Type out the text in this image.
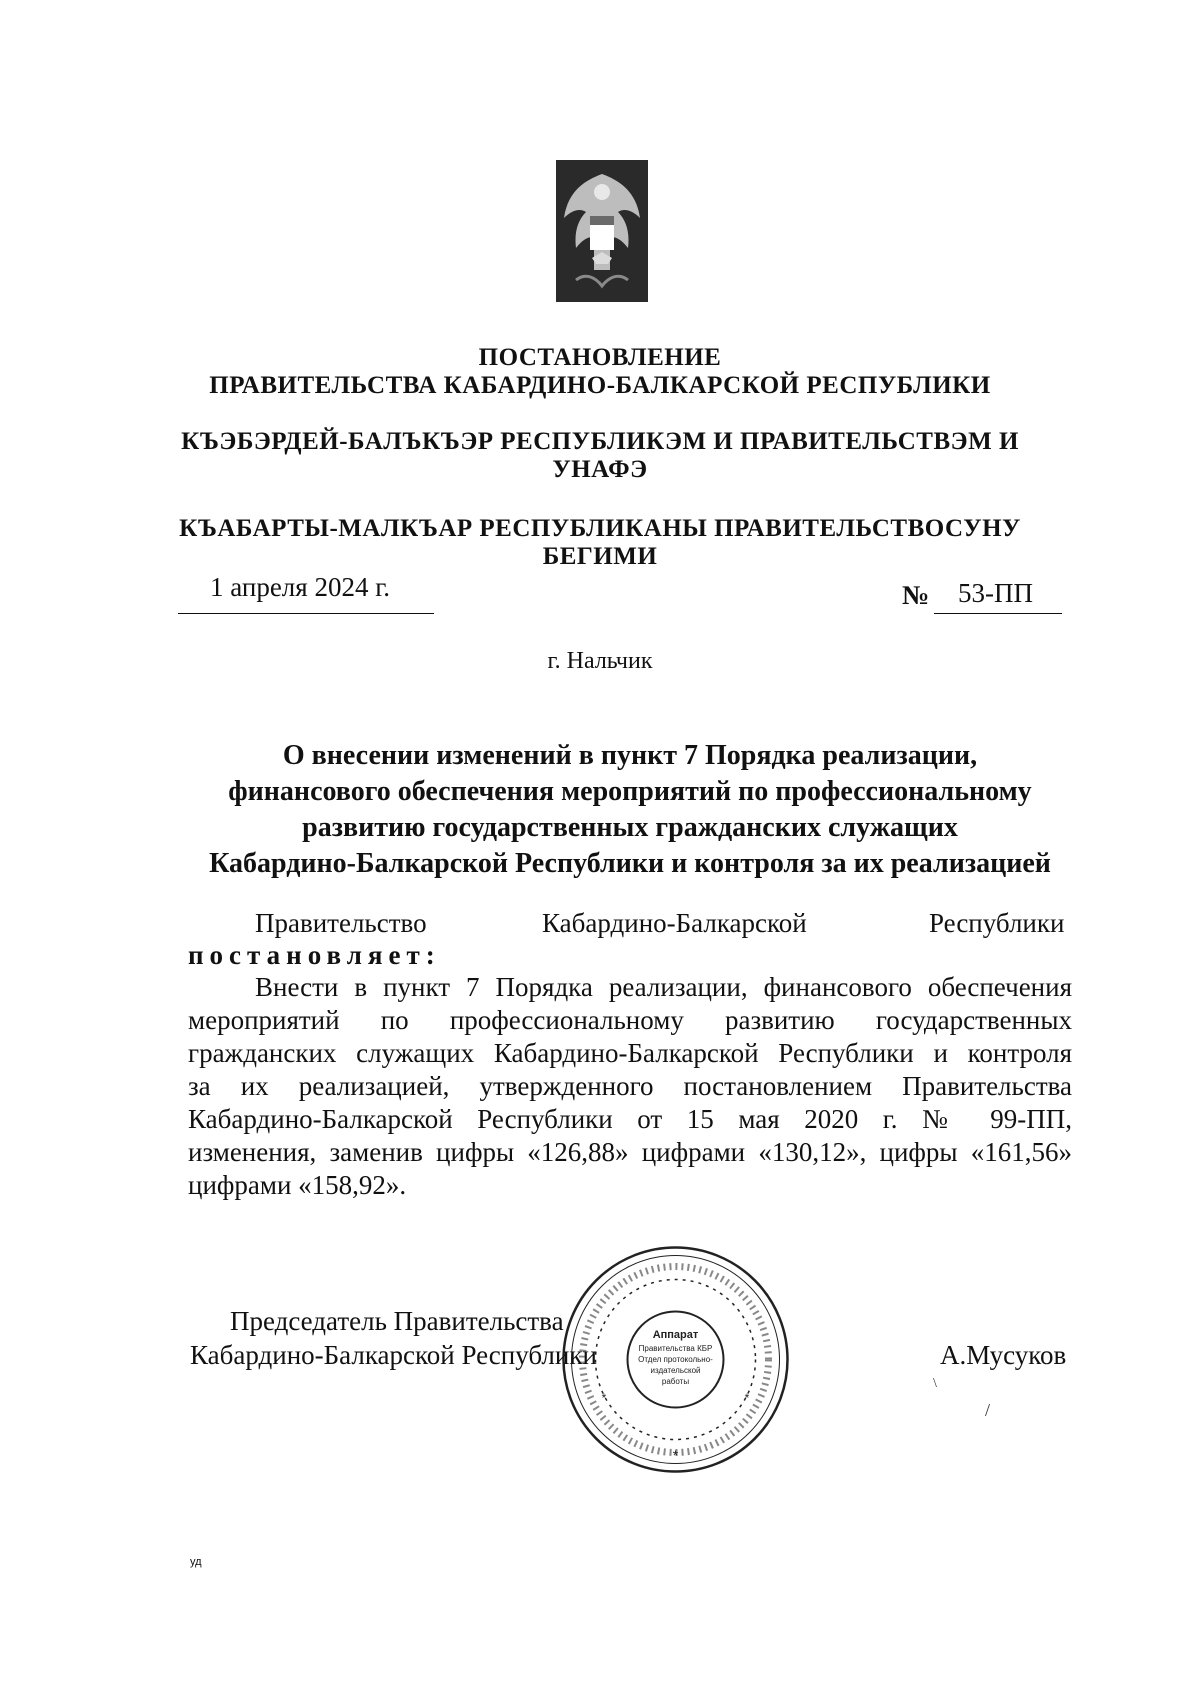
ПОСТАНОВЛЕНИЕ
ПРАВИТЕЛЬСТВА КАБАРДИНО-БАЛКАРСКОЙ РЕСПУБЛИКИ
КЪЭБЭРДЕЙ-БАЛЪКЪЭР РЕСПУБЛИКЭМ И ПРАВИТЕЛЬСТВЭМ И
УНАФЭ
КЪАБАРТЫ-МАЛКЪАР РЕСПУБЛИКАНЫ ПРАВИТЕЛЬСТВОСУНУ
БЕГИМИ
1 апреля 2024 г.	№ 53-ПП
г. Нальчик
О внесении изменений в пункт 7 Порядка реализации,
финансового обеспечения мероприятий по профессиональному
развитию государственных гражданских служащих
Кабардино-Балкарской Республики и контроля за их реализацией
Правительство	Кабардино-Балкарской	Республики
постановляет:
Внести в пункт 7 Порядка реализации, финансового обеспечения
мероприятий по профессиональному развитию государственных
гражданских служащих Кабардино-Балкарской Республики и контроля
за их реализацией, утвержденного постановлением Правительства
Кабардино-Балкарской Республики от 15 мая 2020 г. № 99-ПП,
изменения, заменив цифры «126,88» цифрами «130,12», цифры «161,56»
цифрами «158,92».
Аппарат
Правительства КБР
Отдел протокольно-
издательской
работы
*
*	*
Председатель Правительства
Кабардино-Балкарской Республики	А.Мусуков
\
/
уд
